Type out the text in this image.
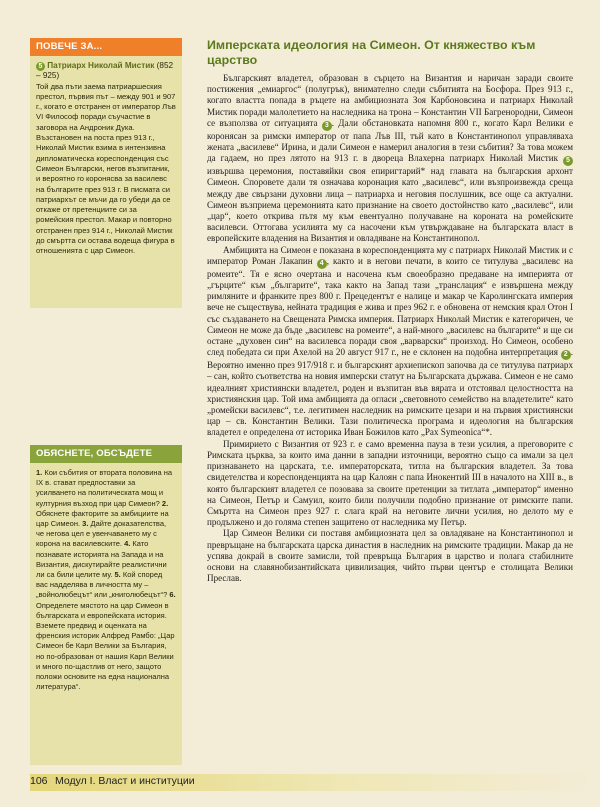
ПОВЕЧЕ ЗА...
5 Патриарх Николай Мистик (852 – 925)
Той два пъти заема патриаршеския престол, първия път – между 901 и 907 г., когато е отстранен от император Лъв VI Философ поради съучастие в заговора на Андроник Дука. Възстановен на поста през 913 г., Николай Мистик взима в интензивна дипломатическа кореспонденция със Симеон Български, негов възпитаник, и вероятно го коронясва за василевс на българите през 913 г. В писмата си патриархът се мъчи да го убеди да се откаже от претенциите си за ромейския престол. Макар и повторно отстранен през 914 г., Николай Мистик до смъртта си остава водеща фигура в отношенията с цар Симеон.
ОБЯСНЕТЕ, ОБСЪДЕТЕ
1. Кои събития от втората половина на IX в. стават предпоставки за усилването на политическата мощ и културния възход при цар Симеон? 2. Обяснете факторите за амбициите на цар Симеон. 3. Дайте доказателства, че негова цел е увенчаването му с корона на василевските. 4. Като познавате историята на Запада и на Византия, дискутирайте реалистични ли са били целите му. 5. Кой според вас надделява в личността му – „войнолюбецът“ или „книголюбецът“? 6. Определете мястото на цар Симеон в българската и европейската история. Вземете предвид и оценката на френския историк Алфред Рамбо: „Цар Симеон бе Карл Велики за България, но по-образован от нашия Карл Велики и много по-щастлив от него, защото положи основите на една национална литература“.
Имперската идеология на Симеон. От княжество към царство

Българският владетел, образован в сърцето на Византия и наричан заради своите постижения „емиаргос“ (полугрък), внимателно следи събитията на Босфора. През 913 г., когато властта попада в ръцете на амбициозната Зоя Карбоновсина и патриарх Николай Мистик поради малолетието на наследника на трона – Константин VII Багренородни, Симеон се възползва от ситуацията 3 . Дали обстановката напомня 800 г., когато Карл Велики е коронясан за римски император от папа Лъв III, тъй като в Константинопол управляваха жената „василеве“ Ирина, и дали Симеон е намерил аналогия в тези събития? За това можем да гадаем, но през лятото на 913 г. в дворецa Влахерна патриарх Николай Мистик 5 извършва церемония, поставяйки своя епиригтарий* над главата на българския архонт Симеон. Споровете дали тя означава коронация като „василевс“, или възпроизвежда среща между две свързани духовни лица – патриарха и неговия послушник, все още са актуални. Симеон възприема церемонията като признание на своето достойнство като „василевс“, или „цар“, което открива пътя му към евентуално получаване на короната на ромейските василевси. Оттогава усилията му са насочени към утвърждаване на българската власт в европейските владения на Византия и овладяване на Константинопол.

Амбицията на Симеон е показана в кореспонденцията му с патриарх Николай Мистик и с император Роман Лакапин 4 , както и в негови печати, в които се титулува „василевс на ромеите“. Тя е ясно очертана и насочена към своеобразно предаване на империята от „гърците“ към „българите“, така както на Запад тази „транслация“ е извършена между римляните и франките през 800 г. Прецедентът е налице и макар че Каролингската империя вече не съществува, нейната традиция е жива и през 962 г. е обновена от немския крал Отон I със създаването на Свещената Римска империя. Патриарх Николай Мистик е категоричен, че Симеон не може да бъде „василевс на ромеите“, а най-много „василевс на българите“ и ще си остане „духовен син“ на василевса поради своя „варварски“ произход. Но Симеон, особено след победата си при Ахелой на 20 август 917 г., не е склонен на подобна интерпретация 2 . Вероятно именно през 917/918 г. и българският архиепископ започва да се титулува патриарх – сан, който съответства на новия имперски статут на Българската държава. Симеон е не само идеалният християнски владетел, роден и възпитан във вярата и отстоявал целостността на християнския цар. Той има амбицията да огласи „световното семейство на владетелите“ като „ромейски василевс“, т.е. легитимен наследник на римските цезари и на първия християнски цар – св. Константин Велики. Тази политическа програма и идеология на българския владетел е определена от историка Иван Божилов като „Pax Symeonica“*.

Примирието с Византия от 923 г. е само временна пауза в тези усилия, а преговорите с Римската църква, за които има данни в западни източници, вероятно също са имали за цел признаването на царската, т.е. императорската, титла на българския владетел. За това свидетелства и кореспонденцията на цар Калоян с папа Инокентий III в началото на XIII в., в която българският владетел се позовава за своите претенции за титлата „император“ именно на Симеон, Петър и Самуил, които били получили подобно признание от римските папи. Смъртта на Симеон през 927 г. слага край на неговите лични усилия, но делото му е продължено и до голяма степен защитено от наследника му Петър.

Цар Симеон Велики си поставя амбициозната цел за овладяване на Константинопол и превръщане на българската царска династия в наследник на римските традиции. Макар да не успява докрай в своите замисли, той превръща България в царство и полага стабилните основи на славянобизантийската цивилизация, чийто първи център е столицата Велики Преслав.

106 Модул I. Власт и институции
